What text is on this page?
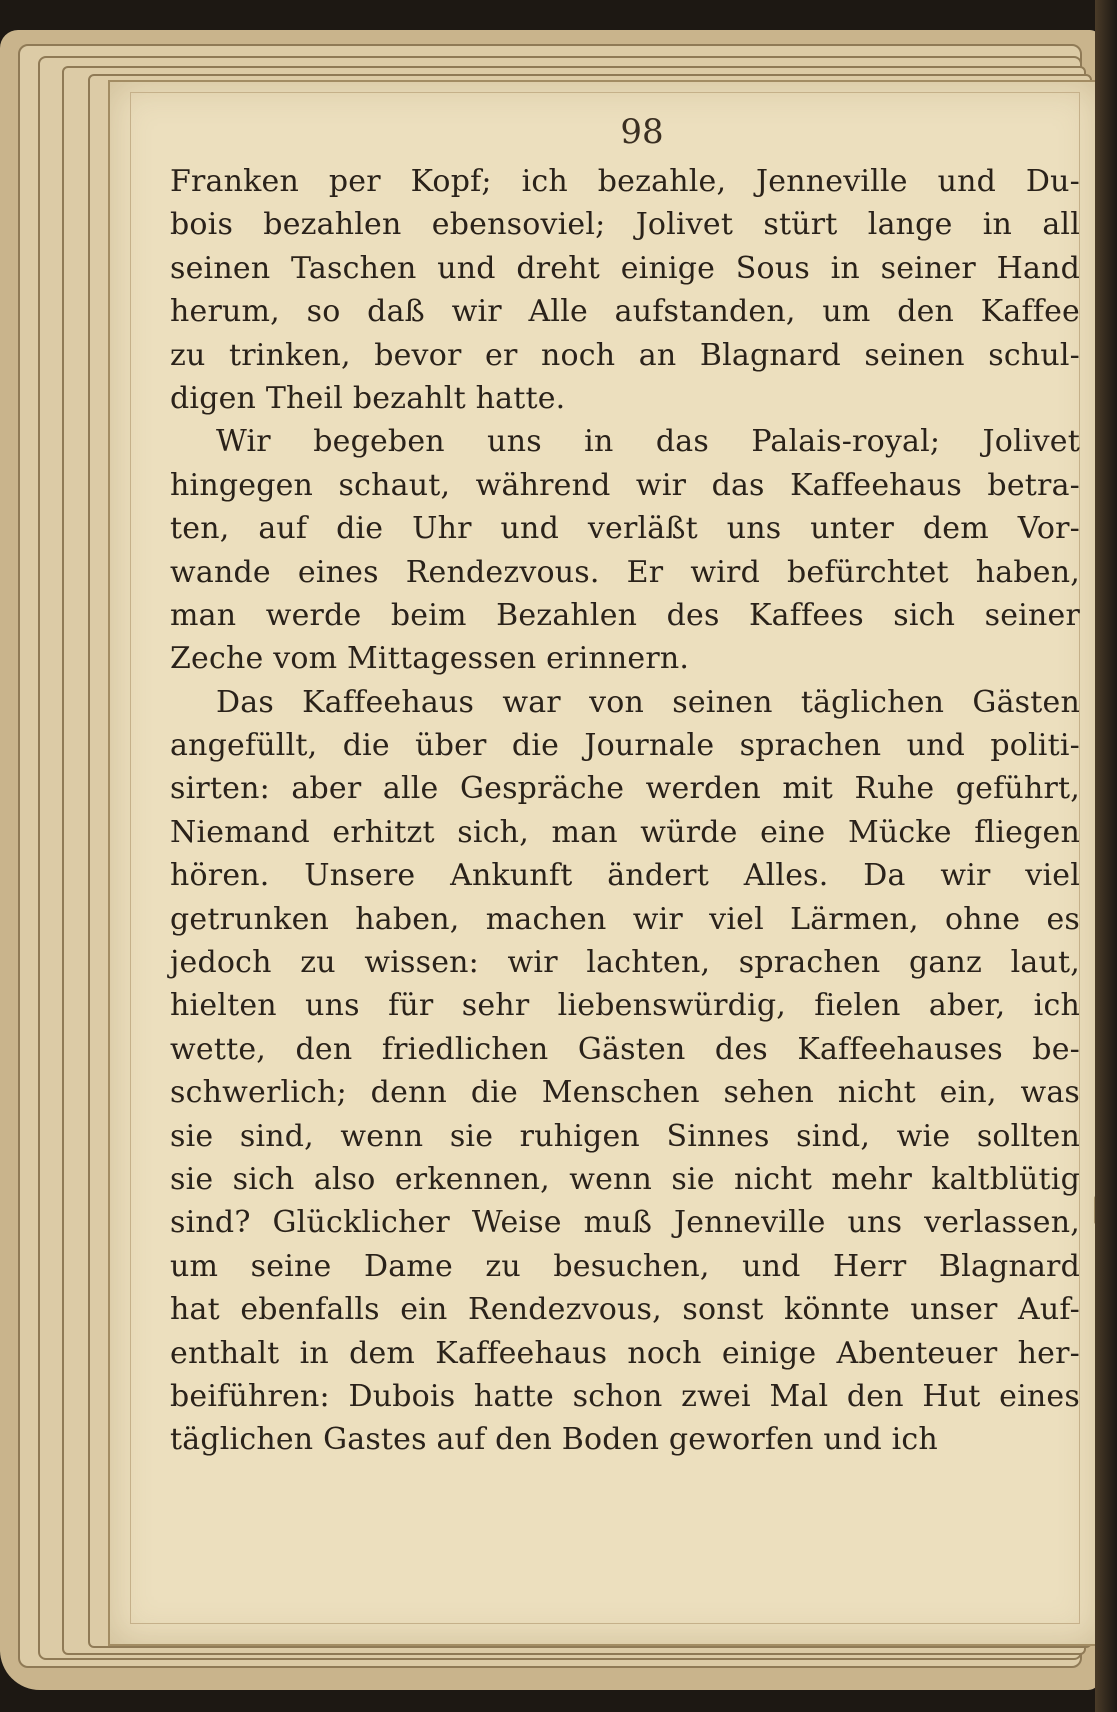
98
Franken per Kopf; ich bezahle, Jenneville und Du-
bois bezahlen ebensoviel; Jolivet stürt lange in all
seinen Taschen und dreht einige Sous in seiner Hand
herum, so daß wir Alle aufstanden, um den Kaffee
zu trinken, bevor er noch an Blagnard seinen schul-
digen Theil bezahlt hatte.
Wir begeben uns in das Palais-royal; Jolivet
hingegen schaut, während wir das Kaffeehaus betra-
ten, auf die Uhr und verläßt uns unter dem Vor-
wande eines Rendezvous. Er wird befürchtet haben,
man werde beim Bezahlen des Kaffees sich seiner
Zeche vom Mittagessen erinnern.
Das Kaffeehaus war von seinen täglichen Gästen
angefüllt, die über die Journale sprachen und politi-
sirten: aber alle Gespräche werden mit Ruhe geführt,
Niemand erhitzt sich, man würde eine Mücke fliegen
hören. Unsere Ankunft ändert Alles. Da wir viel
getrunken haben, machen wir viel Lärmen, ohne es
jedoch zu wissen: wir lachten, sprachen ganz laut,
hielten uns für sehr liebenswürdig, fielen aber, ich
wette, den friedlichen Gästen des Kaffeehauses be-
schwerlich; denn die Menschen sehen nicht ein, was
sie sind, wenn sie ruhigen Sinnes sind, wie sollten
sie sich also erkennen, wenn sie nicht mehr kaltblütig
sind? Glücklicher Weise muß Jenneville uns verlassen,
um seine Dame zu besuchen, und Herr Blagnard
hat ebenfalls ein Rendezvous, sonst könnte unser Auf-
enthalt in dem Kaffeehaus noch einige Abenteuer her-
beiführen: Dubois hatte schon zwei Mal den Hut eines
täglichen Gastes auf den Boden geworfen und ich
